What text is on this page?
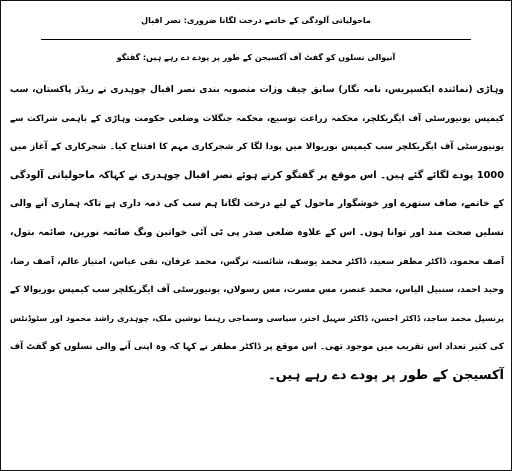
ماحولیاتی آلودگی کے خاتمے درخت لگانا ضروری: نصر اقبال
آنیوالی نسلوں کو گفٹ آف آکسیجن کے طور پر پودے دے رہے ہیں: گفتگو
وہاڑی (نمائندہ ایکسپریس، نامہ نگار) سابق چیف وزات منصوبہ بندی نصر اقبال چوہدری نے ریڈز پاکستان، سب
کیمپس یونیورسٹی آف ایگریکلچر، محکمہ زراعت توسیع، محکمہ جنگلات وضلعی حکومت وہاڑی کے باہمی شراکت سے
یونیورسٹی آف ایگریکلچر سب کیمپس بوریوالا میں پودا لگا کر شجرکاری مہم کا افتتاح کیا۔ شجرکاری کے آغاز میں
1000 پودے لگائے گئے ہیں۔ اس موقع پر گفتگو کرتے ہوئے نصر اقبال چوہدری نے کہاکہ ماحولیاتی آلودگی
کے خاتمے، صاف ستھرے اور خوشگوار ماحول کے لیے درخت لگانا ہم سب کی ذمہ داری ہے تاکہ ہماری آنے والی
نسلیں صحت مند اور توانا ہوں۔ اس کے علاوہ ضلعی صدر پی ٹی آئی خواتین ونگ صائمہ نورین، صائمہ بتول،
آصف محمود، ڈاکٹر مظفر سعید، ڈاکٹر محمد یوسف، شائستہ نرگس، محمد عرفان، نقی عباس، امتیاز عالم، آصف رضا،
وحید احمد، سنبیل الیاس، محمد عنصر، مس مسرت، مس رسولاں، یونیورسٹی آف ایگریکلچر سب کیمپس بوریوالا کے
پرنسپل محمد ساجد، ڈاکٹر احسن، ڈاکٹر سہیل اختر، سیاسی وسماجی رہنما نوشین ملک، چوہدری راشد محمود اور سٹوڈنٹس
کی کثیر تعداد اس تقریب میں موجود تھی۔ اس موقع پر ڈاکٹر مظفر نے کہا کہ وہ اپنی آنے والی نسلوں کو گفٹ آف
آکسیجن کے طور پر پودے دے رہے ہیں۔
